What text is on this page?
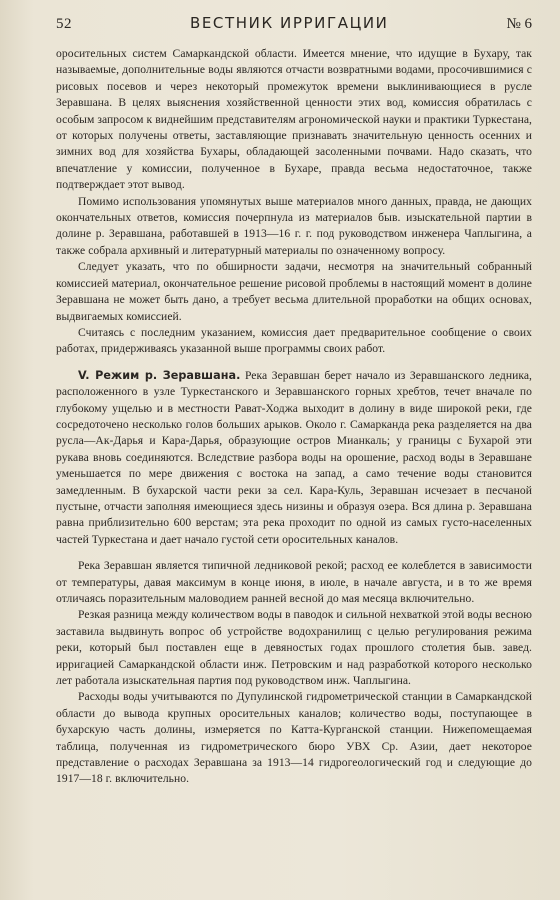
52	ВЕСТНИК ИРРИГАЦИИ	№ 6

оросительных систем Самаркандской области. Имеется мнение, что идущие в Бухару, так называемые, дополнительные воды являются отчасти возвратными водами, просочившимися с рисовых посевов и через некоторый промежуток времени выклинивающиеся в русле Зеравшана. В целях выяснения хозяйственной ценности этих вод, комиссия обратилась с особым запросом к виднейшим представителям агрономической науки и практики Туркестана, от которых получены ответы, заставляющие признавать значительную ценность осенних и зимних вод для хозяйства Бухары, обладающей засоленными почвами. Надо сказать, что впечатление у комиссии, полученное в Бухаре, правда весьма недостаточное, также подтверждает этот вывод.

Помимо использования упомянутых выше материалов много данных, правда, не дающих окончательных ответов, комиссия почерпнула из материалов быв. изыскательной партии в долине р. Зеравшана, работавшей в 1913—16 г. г. под руководством инженера Чаплыгина, а также собрала архивный и литературный материалы по означенному вопросу.

Следует указать, что по обширности задачи, несмотря на значительный собранный комиссией материал, окончательное решение рисовой проблемы в настоящий момент в долине Зеравшана не может быть дано, а требует весьма длительной проработки на общих основах, выдвигаемых комиссией.

Считаясь с последним указанием, комиссия дает предварительное сообщение о своих работах, придерживаясь указанной выше программы своих работ.

V. Режим р. Зеравшана. Река Зеравшан берет начало из Зеравшанского ледника, расположенного в узле Туркестанского и Зеравшанского горных хребтов, течет вначале по глубокому ущелью и в местности Рават-Ходжа выходит в долину в виде широкой реки, где сосредоточено несколько голов больших арыков. Около г. Самарканда река разделяется на два русла—Ак-Дарья и Кара-Дарья, образующие остров Мианкаль; у границы с Бухарой эти рукава вновь соединяются. Вследствие разбора воды на орошение, расход воды в Зеравшане уменьшается по мере движения с востока на запад, а само течение воды становится замедленным. В бухарской части реки за сел. Кара-Куль, Зеравшан исчезает в песчаной пустыне, отчасти заполняя имеющиеся здесь низины и образуя озера. Вся длина р. Зеравшана равна приблизительно 600 верстам; эта река проходит по одной из самых густо-населенных частей Туркестана и дает начало густой сети оросительных каналов.

Река Зеравшан является типичной ледниковой рекой; расход ее колеблется в зависимости от температуры, давая максимум в конце июня, в июле, в начале августа, и в то же время отличаясь поразительным маловодием ранней весной до мая месяца включительно.

Резкая разница между количеством воды в паводок и сильной нехваткой этой воды весною заставила выдвинуть вопрос об устройстве водохранилищ с целью регулирования режима реки, который был поставлен еще в девяностых годах прошлого столетия быв. завед. ирригацией Самаркандской области инж. Петровским и над разработкой которого несколько лет работала изыскательная партия под руководством инж. Чаплыгина.

Расходы воды учитываются по Дупулинской гидрометрической станции в Самаркандской области до вывода крупных оросительных каналов; количество воды, поступающее в бухарскую часть долины, измеряется по Катта-Курганской станции. Нижепомещаемая таблица, полученная из гидрометрического бюро УВХ Ср. Азии, дает некоторое представление о расходах Зеравшана за 1913—14 гидрогеологический год и следующие до 1917—18 г. включительно.
